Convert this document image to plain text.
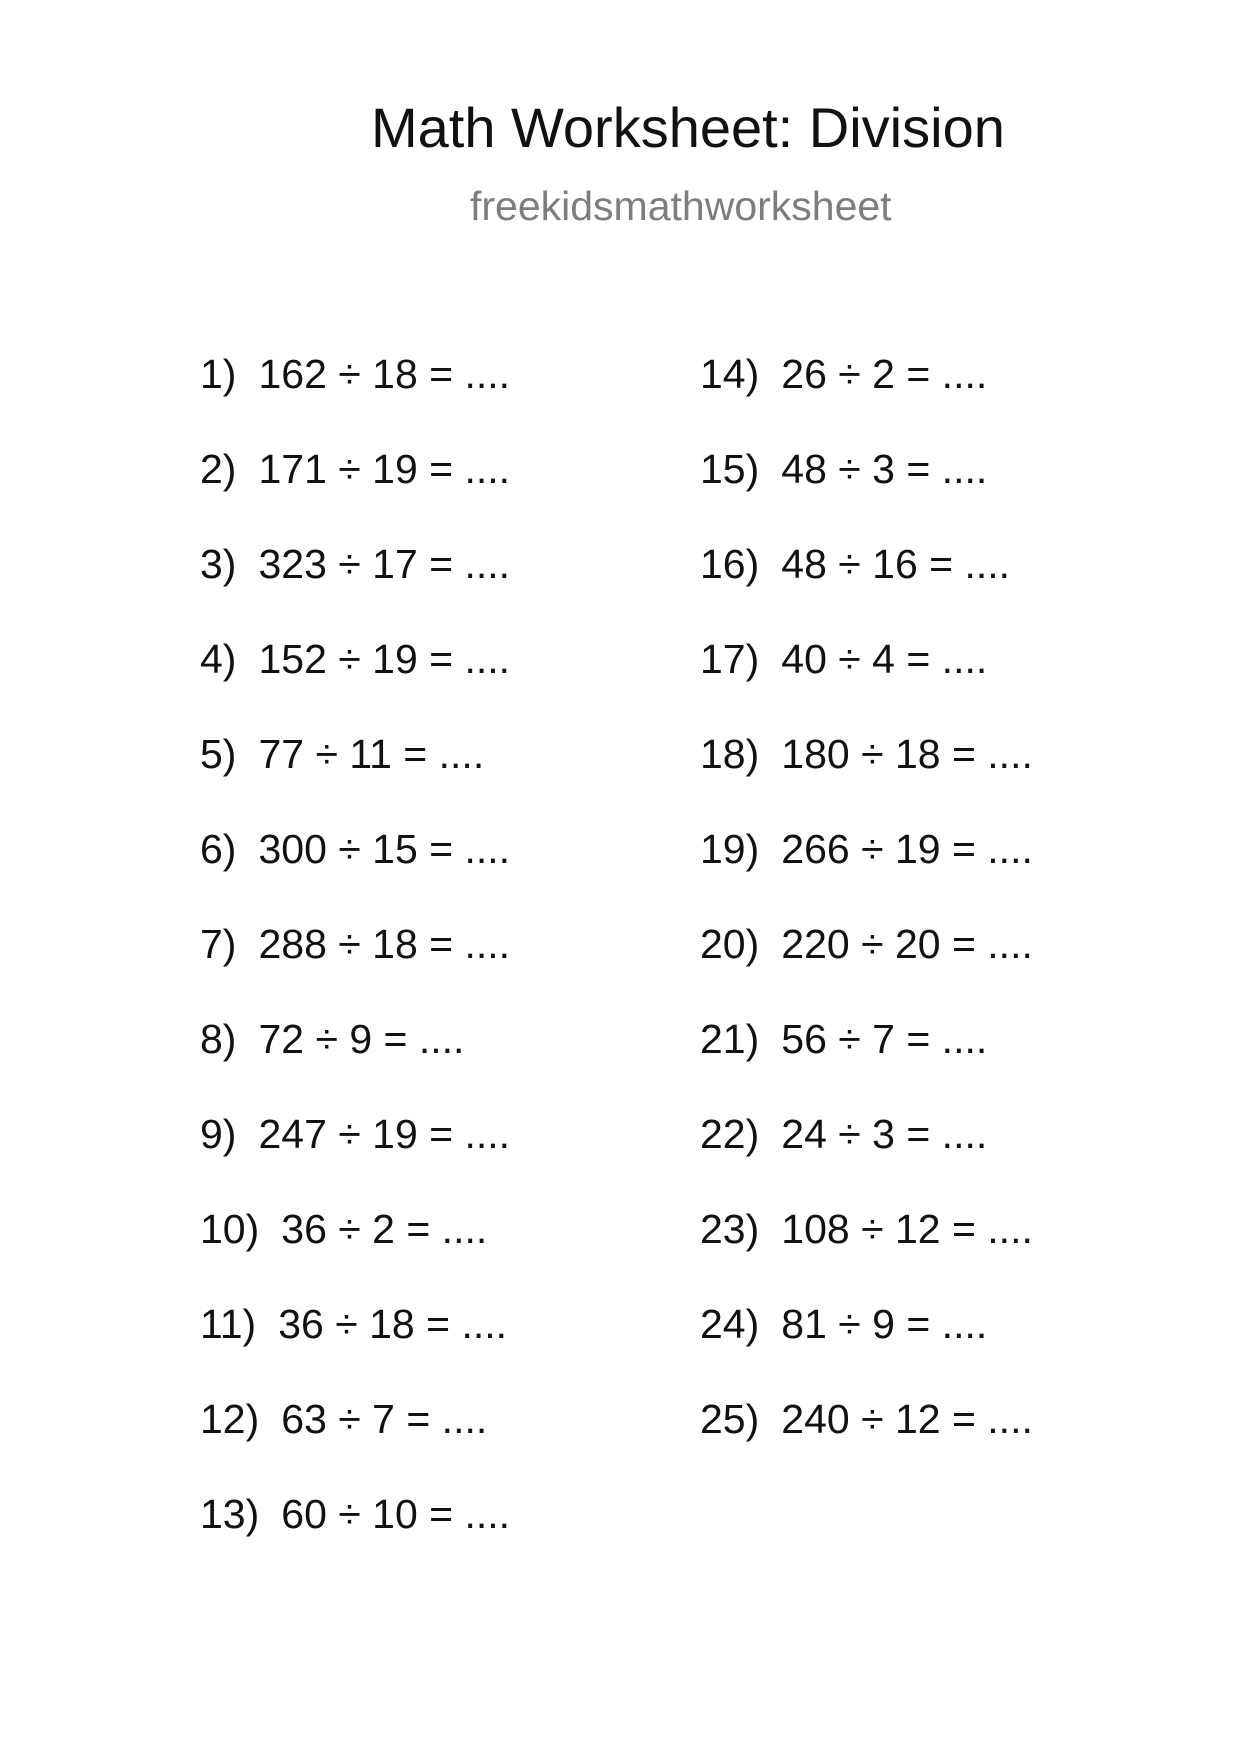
Math Worksheet: Division
freekidsmathworksheet
1) 162 ÷ 18 = ....
2) 171 ÷ 19 = ....
3) 323 ÷ 17 = ....
4) 152 ÷ 19 = ....
5) 77 ÷ 11 = ....
6) 300 ÷ 15 = ....
7) 288 ÷ 18 = ....
8) 72 ÷ 9 = ....
9) 247 ÷ 19 = ....
10) 36 ÷ 2 = ....
11) 36 ÷ 18 = ....
12) 63 ÷ 7 = ....
13) 60 ÷ 10 = ....
14) 26 ÷ 2 = ....
15) 48 ÷ 3 = ....
16) 48 ÷ 16 = ....
17) 40 ÷ 4 = ....
18) 180 ÷ 18 = ....
19) 266 ÷ 19 = ....
20) 220 ÷ 20 = ....
21) 56 ÷ 7 = ....
22) 24 ÷ 3 = ....
23) 108 ÷ 12 = ....
24) 81 ÷ 9 = ....
25) 240 ÷ 12 = ....
